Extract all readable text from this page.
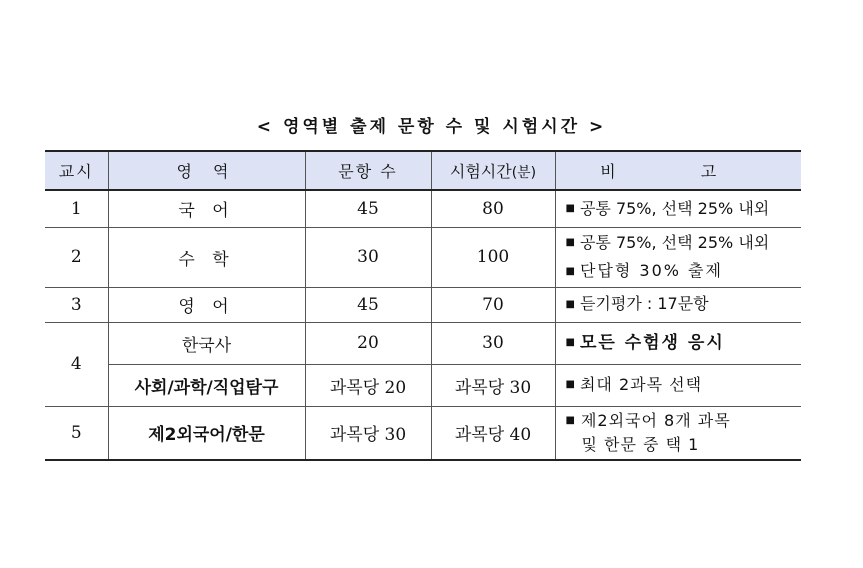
< 영역별 출제 문항 수 및 시험시간 >
교시	영 역	문항 수	시험시간(분)	비 고
1	국 어	45	80	■ 공통 75%, 선택 25% 내외

2	수 학	30	100	■ 공통 75%, 선택 25% 내외
■ 단답형 30% 출제

3	영 어	45	70	■ 듣기평가 : 17문항

4	한국사	20	30	■ 모든 수험생 응시

	사회/과학/직업탐구	과목당 20	과목당 30	■ 최대 2과목 선택

5	제2외국어/한문	과목당 30	과목당 40	■ 제2외국어 8개 과목
및 한문 중 택 1
